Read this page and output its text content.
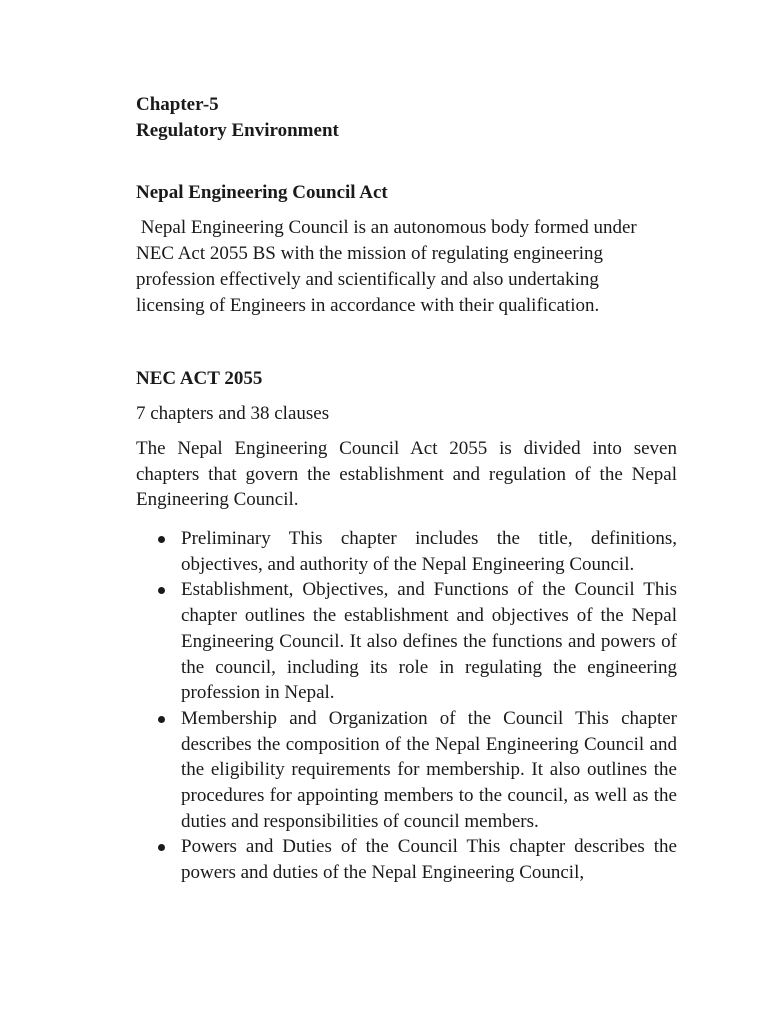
Chapter-5
Regulatory Environment
Nepal Engineering Council Act
Nepal Engineering Council is an autonomous body formed under
NEC Act 2055 BS with the mission of regulating engineering
profession effectively and scientifically and also undertaking
licensing of Engineers in accordance with their qualification.
NEC ACT 2055
7 chapters and 38 clauses
The Nepal Engineering Council Act 2055 is divided into seven chapters that govern the establishment and regulation of the Nepal Engineering Council.
Preliminary This chapter includes the title, definitions, objectives, and authority of the Nepal Engineering Council.
Establishment, Objectives, and Functions of the Council This chapter outlines the establishment and objectives of the Nepal Engineering Council. It also defines the functions and powers of the council, including its role in regulating the engineering profession in Nepal.
Membership and Organization of the Council This chapter describes the composition of the Nepal Engineering Council and the eligibility requirements for membership. It also outlines the procedures for appointing members to the council, as well as the duties and responsibilities of council members.
Powers and Duties of the Council This chapter describes the powers and duties of the Nepal Engineering Council,
